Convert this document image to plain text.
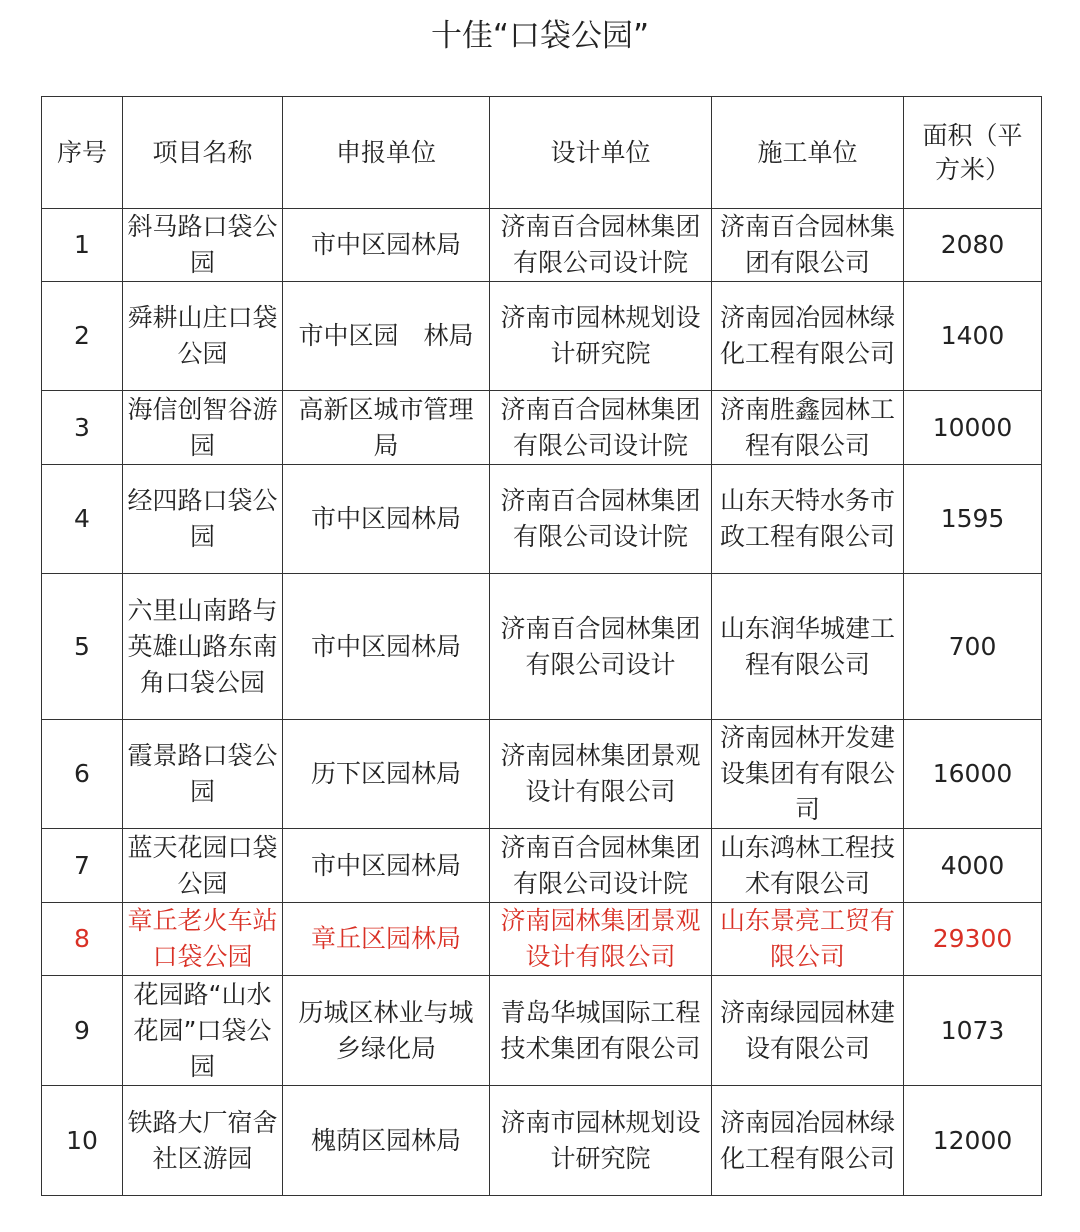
十佳“口袋公园”
序号	项目名称	申报单位	设计单位	施工单位	面积（平方米）
1	斜马路口袋公园	市中区园林局	济南百合园林集团有限公司设计院	济南百合园林集团有限公司	2080
2	舜耕山庄口袋公园	市中区园　林局	济南市园林规划设计研究院	济南园冶园林绿化工程有限公司	1400
3	海信创智谷游园	高新区城市管理局	济南百合园林集团有限公司设计院	济南胜鑫园林工程有限公司	10000
4	经四路口袋公园	市中区园林局	济南百合园林集团有限公司设计院	山东天特水务市政工程有限公司	1595
5	六里山南路与英雄山路东南角口袋公园	市中区园林局	济南百合园林集团有限公司设计	山东润华城建工程有限公司	700
6	霞景路口袋公园	历下区园林局	济南园林集团景观设计有限公司	济南园林开发建设集团有有限公司	16000
7	蓝天花园口袋公园	市中区园林局	济南百合园林集团有限公司设计院	山东鸿林工程技术有限公司	4000
8	章丘老火车站口袋公园	章丘区园林局	济南园林集团景观设计有限公司	山东景亮工贸有限公司	29300
9	花园路“山水花园”口袋公园	历城区林业与城乡绿化局	青岛华城国际工程技术集团有限公司	济南绿园园林建设有限公司	1073
10	铁路大厂宿舍社区游园	槐荫区园林局	济南市园林规划设计研究院	济南园冶园林绿化工程有限公司	12000
